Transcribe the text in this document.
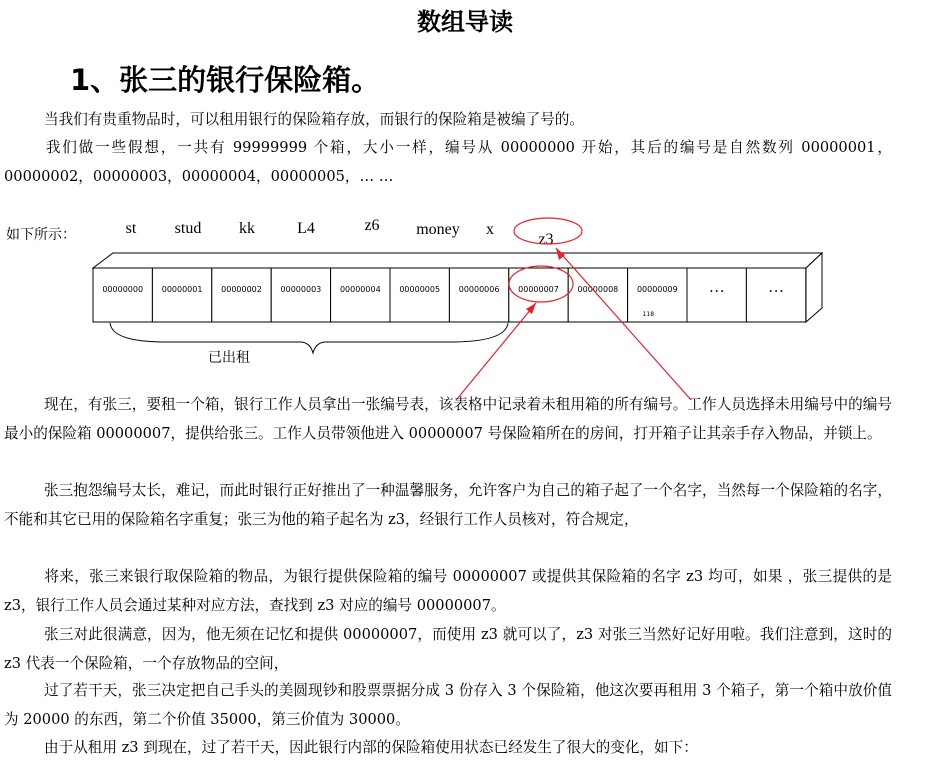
数组导读
1、张三的银行保险箱。
当我们有贵重物品时，可以租用银行的保险箱存放，而银行的保险箱是被编了号的。
我们做一些假想，一共有 99999999 个箱，大小一样，编号从 00000000 开始，其后的编号是自然数列 00000001，00000002，00000003，00000004，00000005，… …
如下所示：	st stud kk	L4	z6 money x
z3
00000000 00000001 00000002 00000003 00000004 00000005 00000006 00000007 00000008 00000009 …	…
118
已出租
现在，有张三，要租一个箱，银行工作人员拿出一张编号表，该表格中记录着未租用箱的所有编号。工作人员选择未用编号中的编号最小的保险箱 00000007，提供给张三。工作人员带领他进入 00000007 号保险箱所在的房间，打开箱子让其亲手存入物品，并锁上。
张三抱怨编号太长，难记，而此时银行正好推出了一种温馨服务，允许客户为自己的箱子起了一个名字，当然每一个保险箱的名字，不能和其它已用的保险箱名字重复；张三为他的箱子起名为 z3，经银行工作人员核对，符合规定，
将来，张三来银行取保险箱的物品，为银行提供保险箱的编号 00000007 或提供其保险箱的名字 z3 均可，如果 ，张三提供的是 z3，银行工作人员会通过某种对应方法，查找到 z3 对应的编号 00000007。
张三对此很满意，因为，他无须在记忆和提供 00000007，而使用 z3 就可以了，z3 对张三当然好记好用啦。我们注意到，这时的 z3 代表一个保险箱，一个存放物品的空间，
过了若干天，张三决定把自己手头的美圆现钞和股票票据分成 3 份存入 3 个保险箱，他这次要再租用 3 个箱子，第一个箱中放价值为 20000 的东西，第二个价值 35000，第三价值为 30000。
由于从租用 z3 到现在，过了若干天，因此银行内部的保险箱使用状态已经发生了很大的变化，如下：
